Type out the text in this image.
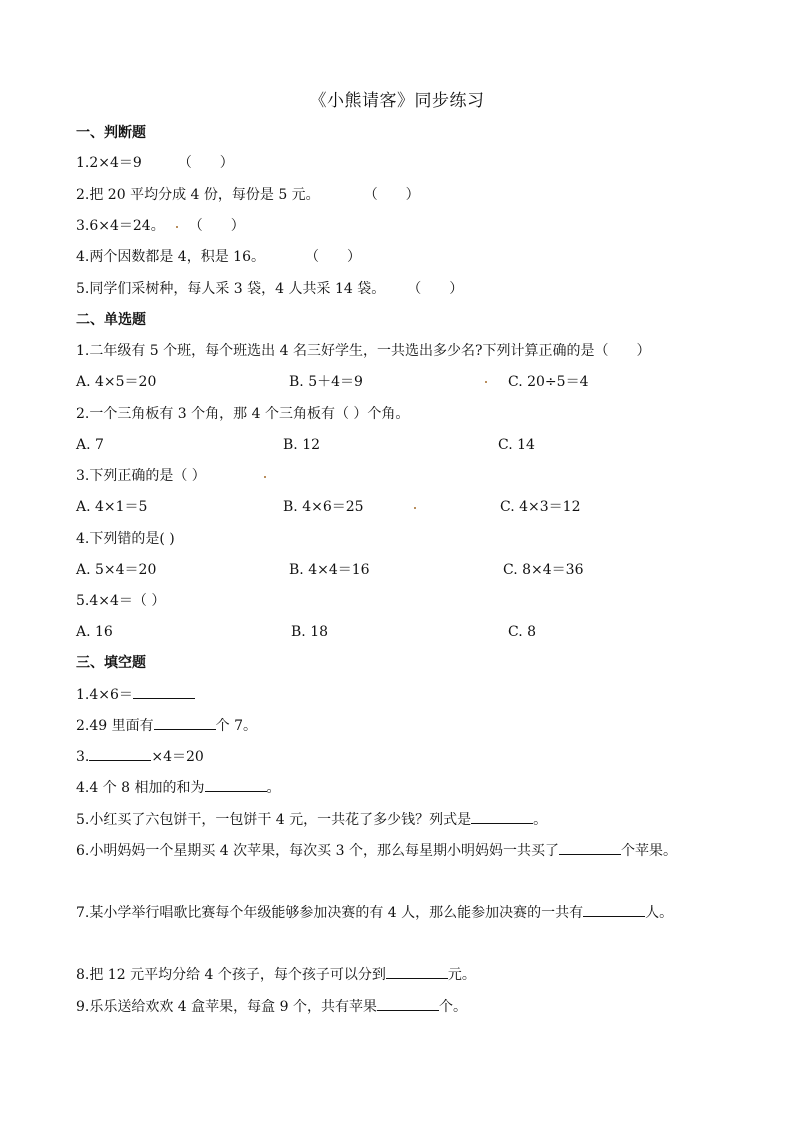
《小熊请客》同步练习
一、判断题
1.2×4＝9	（　　）
2.把 20 平均分成 4 份，每份是 5 元。	（　　）
3.6×4＝24。 （　　）
4.两个因数都是 4，积是 16。	（　　）
5.同学们采树种，每人采 3 袋，4 人共采 14 袋。 （　　）
二、单选题
1.二年级有 5 个班，每个班选出 4 名三好学生，一共选出多少名?下列计算正确的是（　　）
A. 4×5＝20	B. 5＋4＝9	C. 20÷5＝4
2.一个三角板有 3 个角，那 4 个三角板有（ ）个角。
A. 7	B. 12	C. 14
3.下列正确的是（ ）
A. 4×1＝5	B. 4×6＝25	C. 4×3＝12
4.下列错的是( )
A. 5×4＝20	B. 4×4＝16	C. 8×4＝36
5.4×4＝（ ）
A. 16	B. 18	C. 8
三、填空题
1.4×6＝
2.49 里面有	个 7。
3.	×4＝20
4.4 个 8 相加的和为	。
5.小红买了六包饼干，一包饼干 4 元，一共花了多少钱？列式是	。
6.小明妈妈一个星期买 4 次苹果，每次买 3 个，那么每星期小明妈妈一共买了	个苹果。
7.某小学举行唱歌比赛每个年级能够参加决赛的有 4 人，那么能参加决赛的一共有	人。
8.把 12 元平均分给 4 个孩子，每个孩子可以分到	元。
9.乐乐送给欢欢 4 盒苹果，每盒 9 个，共有苹果	个。
